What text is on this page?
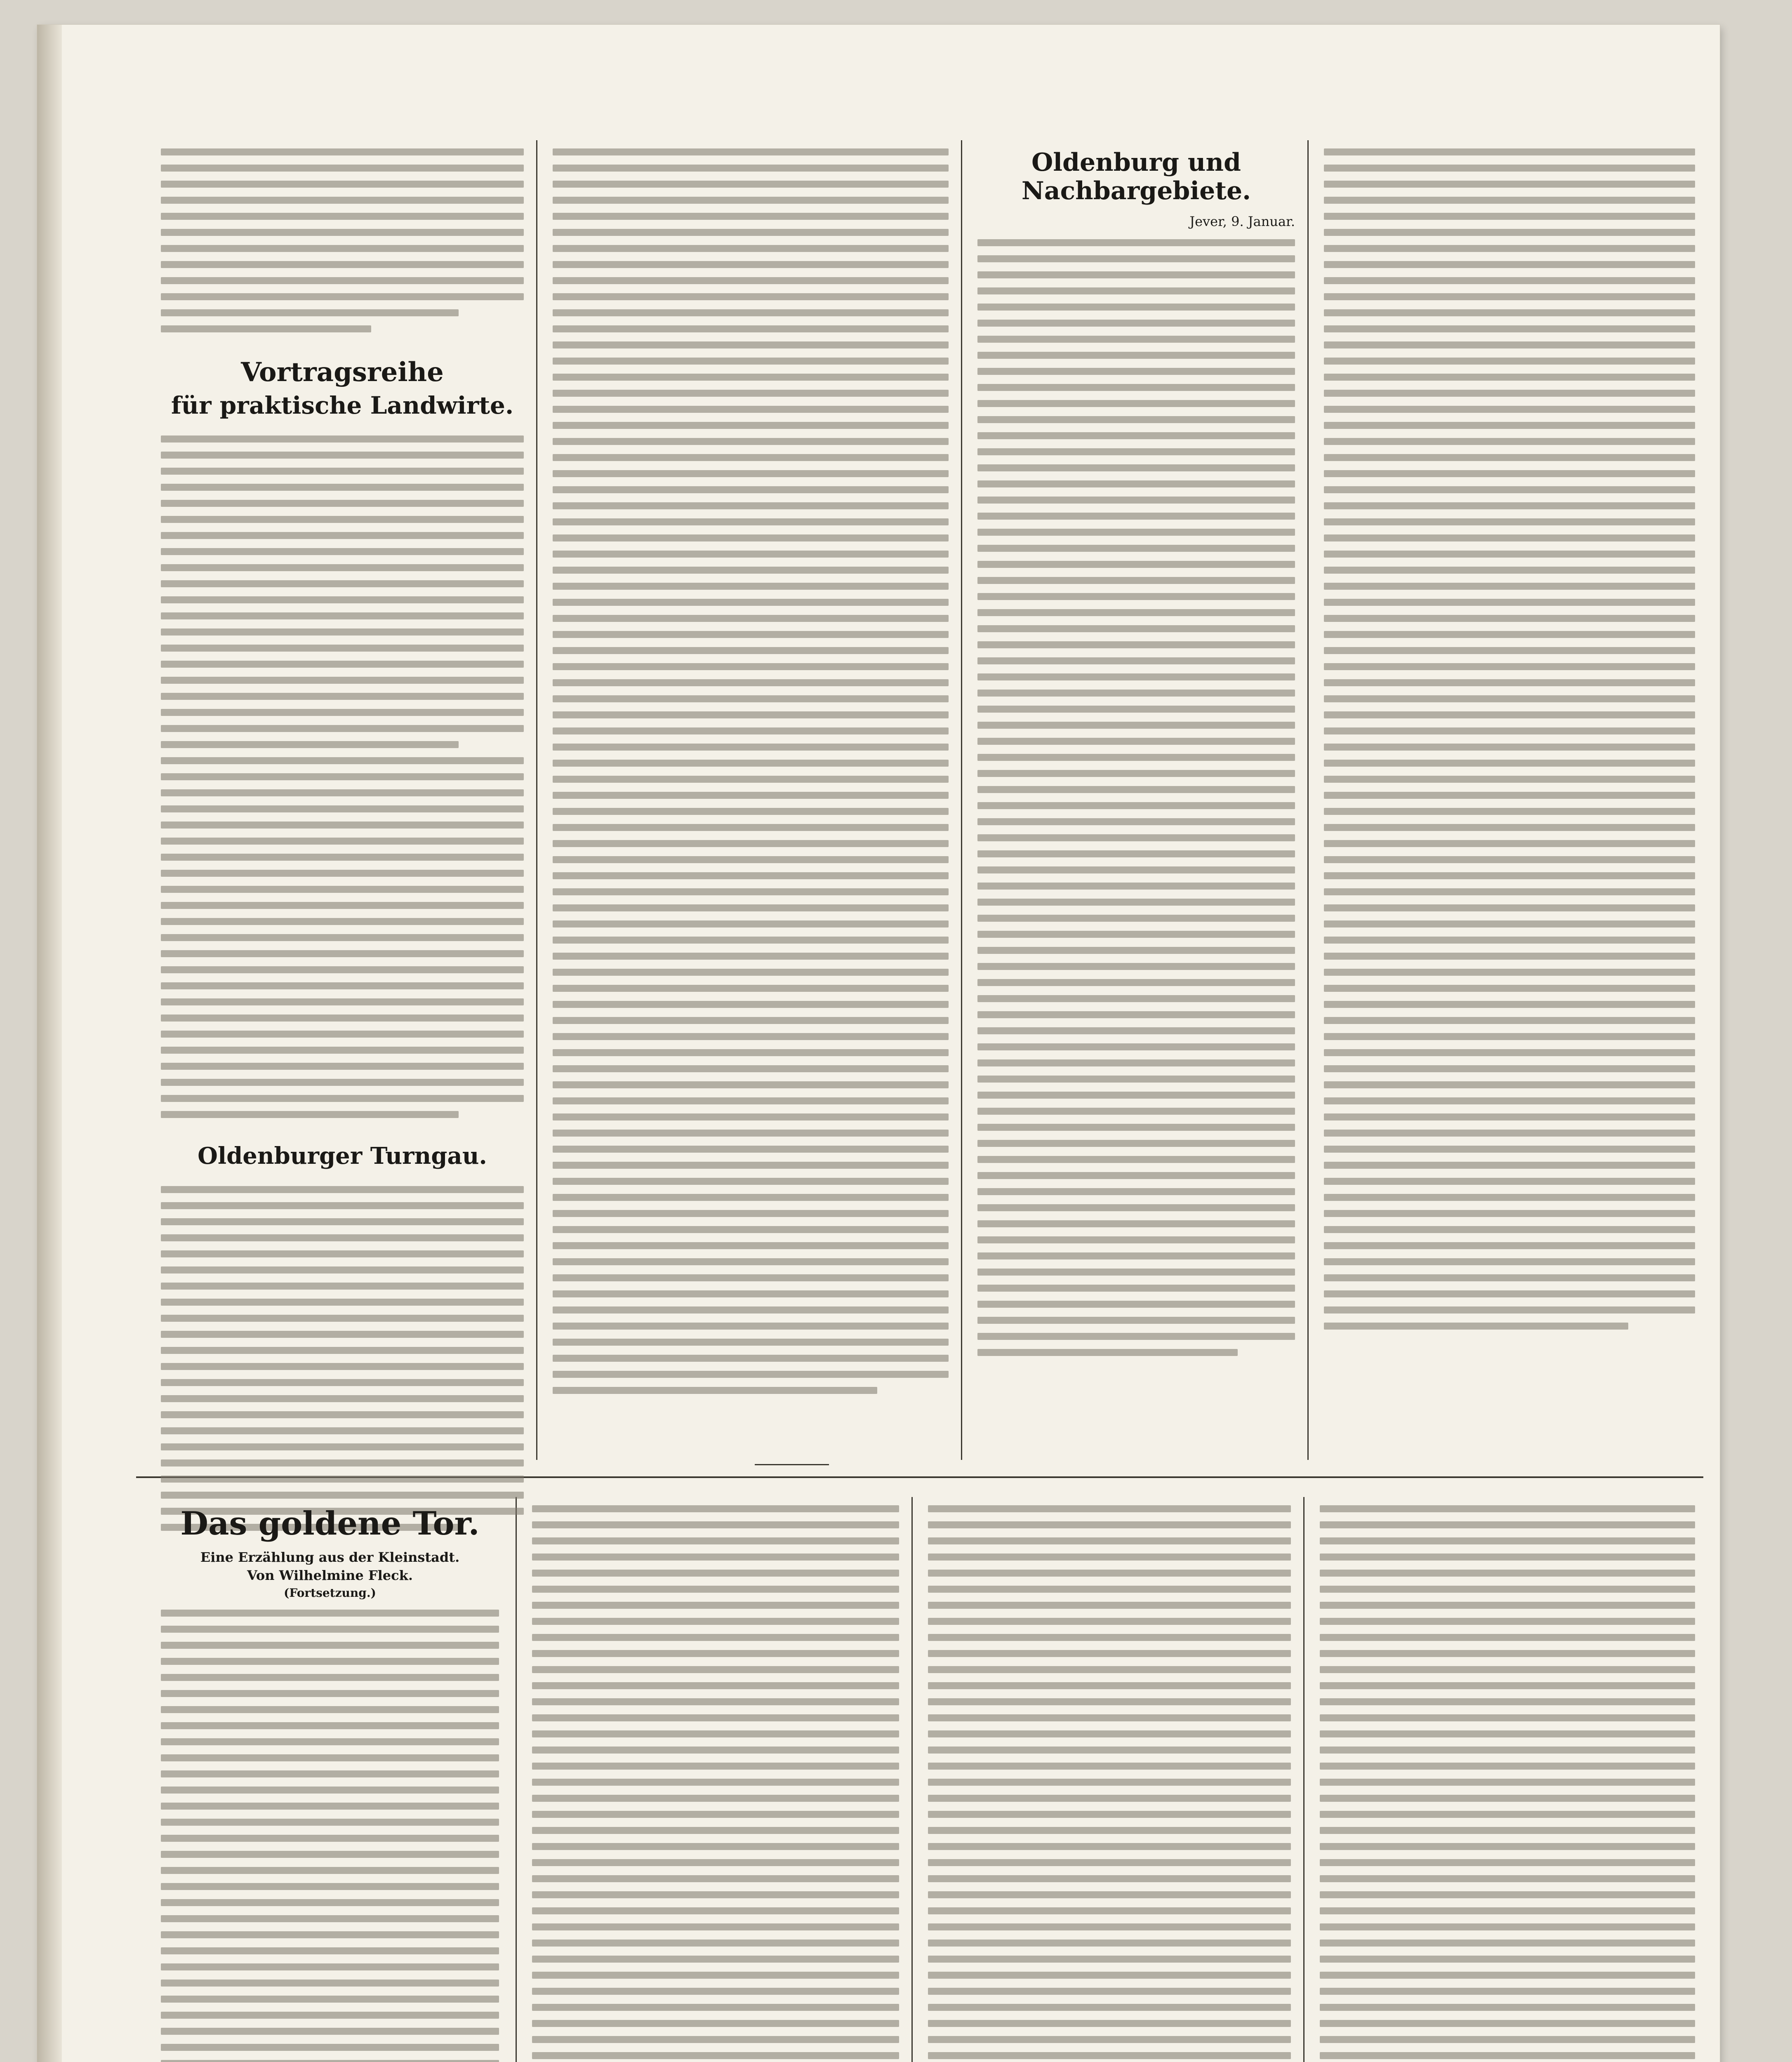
Vortragsreihe
für praktische Landwirte.
Oldenburger Turngau.
Oldenburg und Nachbargebiete.
Jever, 9. Januar.
Das goldene Tor.
Eine Erzählung aus der Kleinstadt.
Von Wilhelmine Fleck.
(Fortsetzung.)
